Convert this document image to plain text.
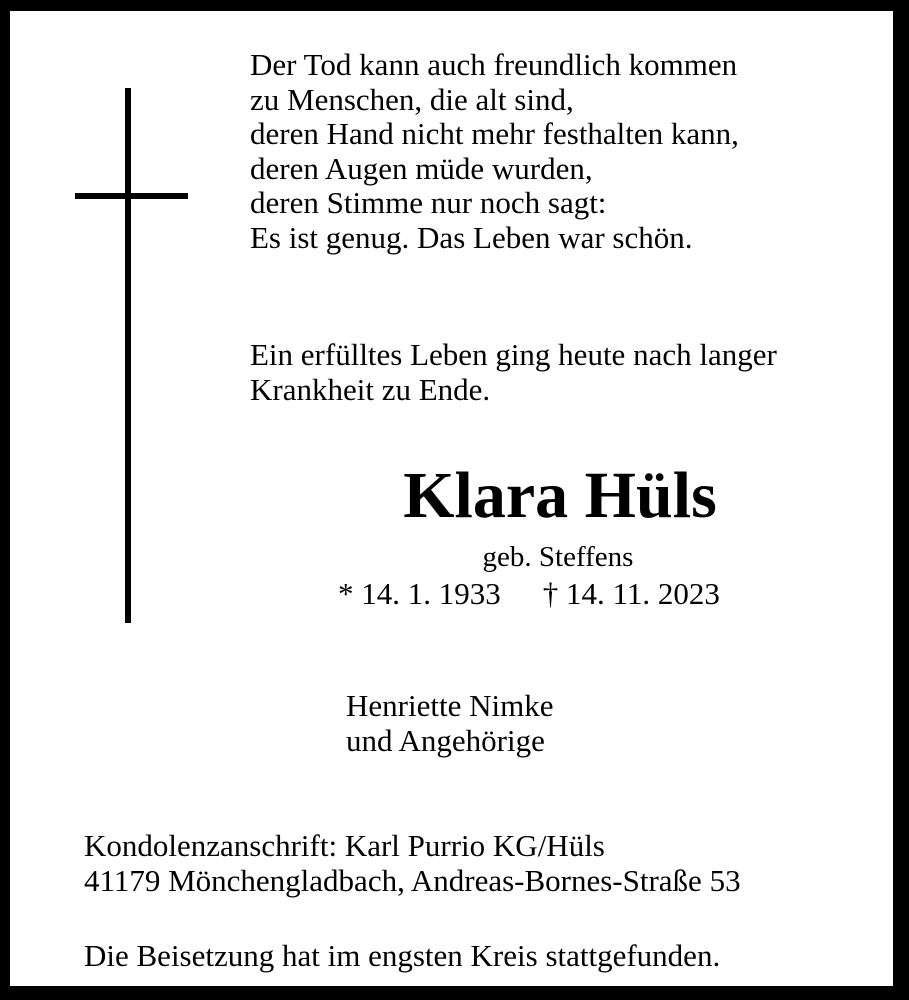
Der Tod kann auch freundlich kommen
zu Menschen, die alt sind,
deren Hand nicht mehr festhalten kann,
deren Augen müde wurden,
deren Stimme nur noch sagt:
Es ist genug. Das Leben war schön.
Ein erfülltes Leben ging heute nach langer
Krankheit zu Ende.
Klara Hüls
geb. Steffens
* 14. 1. 1933 † 14. 11. 2023
Henriette Nimke
und Angehörige
Kondolenzanschrift: Karl Purrio KG/Hüls
41179 Mönchengladbach, Andreas-Bornes-Straße 53
Die Beisetzung hat im engsten Kreis stattgefunden.
